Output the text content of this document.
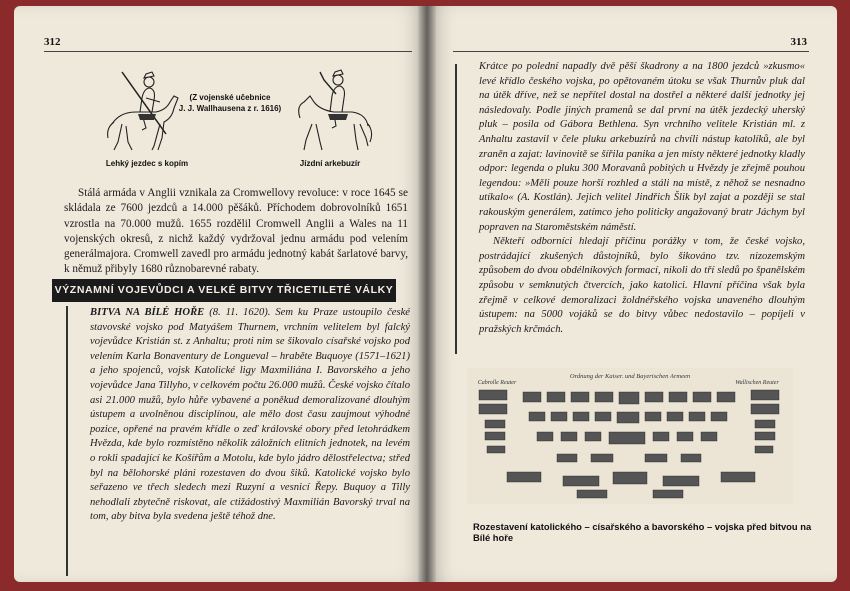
312
(Z vojenské učebnice
J. J. Wallhausena z r. 1616)
Lehký jezdec s kopím	Jízdní arkebuzír

Stálá armáda v Anglii vznikala za Cromwellovy revoluce: v roce 1645 se skládala ze 7600 jezdců a 14.000 pěšáků. Příchodem dobrovolníků 1651 vzrostla na 70.000 mužů. 1655 rozdělil Cromwell Anglii a Wales na 11 vojenských okresů, z nichž každý vydržoval jednu armádu pod velením generálmajora. Cromwell zavedl pro armádu jednotný kabát šarlatové barvy, k němuž přibyly 1680 různobarevné rabaty.

VÝZNAMNÍ VOJEVŮDCI A VELKÉ BITVY TŘICETILETÉ VÁLKY

BITVA NA BÍLÉ HOŘE (8. 11. 1620). Sem ku Praze ustoupilo české stavovské vojsko pod Matyášem Thurnem, vrchním velitelem byl falcký vojevůdce Kristián st. z Anhaltu; proti nim se šikovalo císařské vojsko pod velením Karla Bonaventury de Longueval – hraběte Buquoye (1571–1621) a jeho spojenců, vojsk Katolické ligy Maxmiliána I. Bavorského a jeho vojevůdce Jana Tillyho, v celkovém počtu 26.000 mužů. České vojsko čítalo asi 21.000 mužů, bylo hůře vybavené a poněkud demoralizované dlouhým ústupem a uvolněnou disciplínou, ale mělo dost času zaujmout výhodné pozice, opřené na pravém křídle o zeď královské obory před letohrádkem Hvězda, kde bylo rozmístěno několik záložních elitních jednotek, na levém o rokli spadající ke Košířům a Motolu, kde bylo jádro dělostřelectva; střed byl na bělohorské pláni rozestaven do dvou šiků. Katolické vojsko bylo seřazeno ve třech sledech mezi Ruzyní a vesnicí Řepy. Buquoy a Tilly nehodlali zbytečně riskovat, ale ctižádostivý Maxmilián Bavorský trval na tom, aby bitva byla svedena ještě téhož dne.

313

Krátce po polední napadly dvě pěší škadrony a na 1800 jezdců »zkusmo« levé křídlo českého vojska, po opětovaném útoku se však Thurnův pluk dal na útěk dříve, než se nepřítel dostal na dostřel a některé další jednotky jej následovaly. Podle jiných pramenů se dal první na útěk jezdecký uherský pluk – posila od Gábora Bethlena. Syn vrchního velitele Kristián ml. z Anhaltu zastavil v čele pluku arkebuzírů na chvíli nástup katolíků, ale byl zraněn a zajat: lavinovitě se šířila panika a jen místy některé jednotky kladly odpor: legenda o pluku 300 Moravanů pobitých u Hvězdy je zřejmě pouhou legendou: »Měli pouze horší rozhled a stáli na místě, z něhož se nesnadno utíkalo« (A. Kostlán). Jejich velitel Jindřich Šlik byl zajat a později se stal rakouským generálem, zatímco jeho politicky angažovaný bratr Jáchym byl popraven na Staroměstském náměstí.

Někteří odborníci hledají příčinu porážky v tom, že české vojsko, postrádající zkušených důstojníků, bylo šikováno tzv. nizozemským způsobem do dvou obdélníkových formací, nikoli do tří sledů po španělském způsobu v semknutých čtvercích, jako katolici. Hlavní příčina však byla zřejmě v celkové demoralizaci žoldnéřského vojska unaveného dlouhým ústupem: na 5000 vojáků se do bitvy vůbec nedostavilo – popíjeli v pražských krčmách.

Ordnung der Kaiser. und Bayerischen Armeen
Cabrolle Reuter	Wallischen Reuter
Rozestavení katolického – císařského a bavorského – vojska před bitvou na Bílé hoře
